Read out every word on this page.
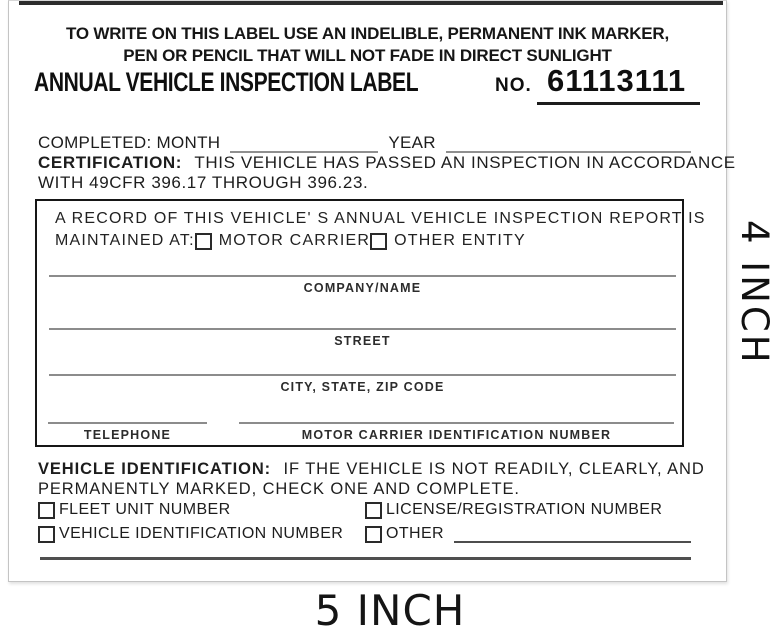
TO WRITE ON THIS LABEL USE AN INDELIBLE, PERMANENT INK MARKER,
PEN OR PENCIL THAT WILL NOT FADE IN DIRECT SUNLIGHT
ANNUAL VEHICLE INSPECTION LABEL	NO. 61113111
COMPLETED: MONTH	YEAR
CERTIFICATION: THIS VEHICLE HAS PASSED AN INSPECTION IN ACCORDANCE
WITH 49CFR 396.17 THROUGH 396.23.
A RECORD OF THIS VEHICLE' S ANNUAL VEHICLE INSPECTION REPORT IS
MAINTAINED AT: MOTOR CARRIER OTHER ENTITY
COMPANY/NAME
STREET
CITY, STATE, ZIP CODE
TELEPHONE	MOTOR CARRIER IDENTIFICATION NUMBER
VEHICLE IDENTIFICATION: IF THE VEHICLE IS NOT READILY, CLEARLY, AND
PERMANENTLY MARKED, CHECK ONE AND COMPLETE.
FLEET UNIT NUMBER	LICENSE/REGISTRATION NUMBER
VEHICLE IDENTIFICATION NUMBER	OTHER
4 INCH
5 INCH
